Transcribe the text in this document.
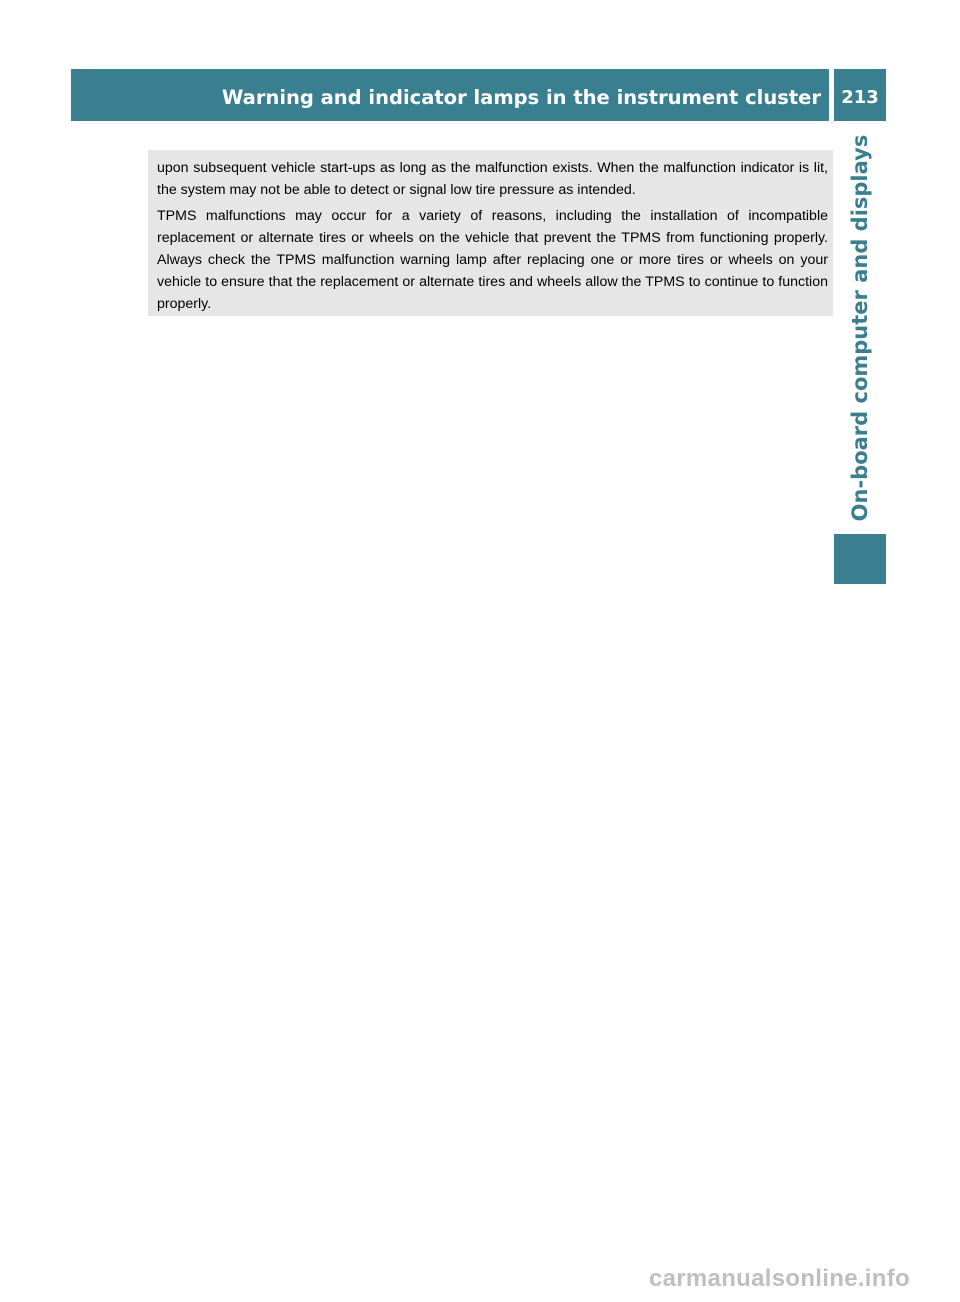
Warning and indicator lamps in the instrument cluster	213
On-board computer and displays

upon subsequent vehicle start-ups as long as the malfunction exists. When the malfunction indicator is lit, the system may not be able to detect or signal low tire pressure as intended.

TPMS malfunctions may occur for a variety of reasons, including the installation of incompatible replacement or alternate tires or wheels on the vehicle that prevent the TPMS from functioning properly. Always check the TPMS malfunction warning lamp after replacing one or more tires or wheels on your vehicle to ensure that the replacement or alternate tires and wheels allow the TPMS to continue to function properly.

carmanualsonline.info
